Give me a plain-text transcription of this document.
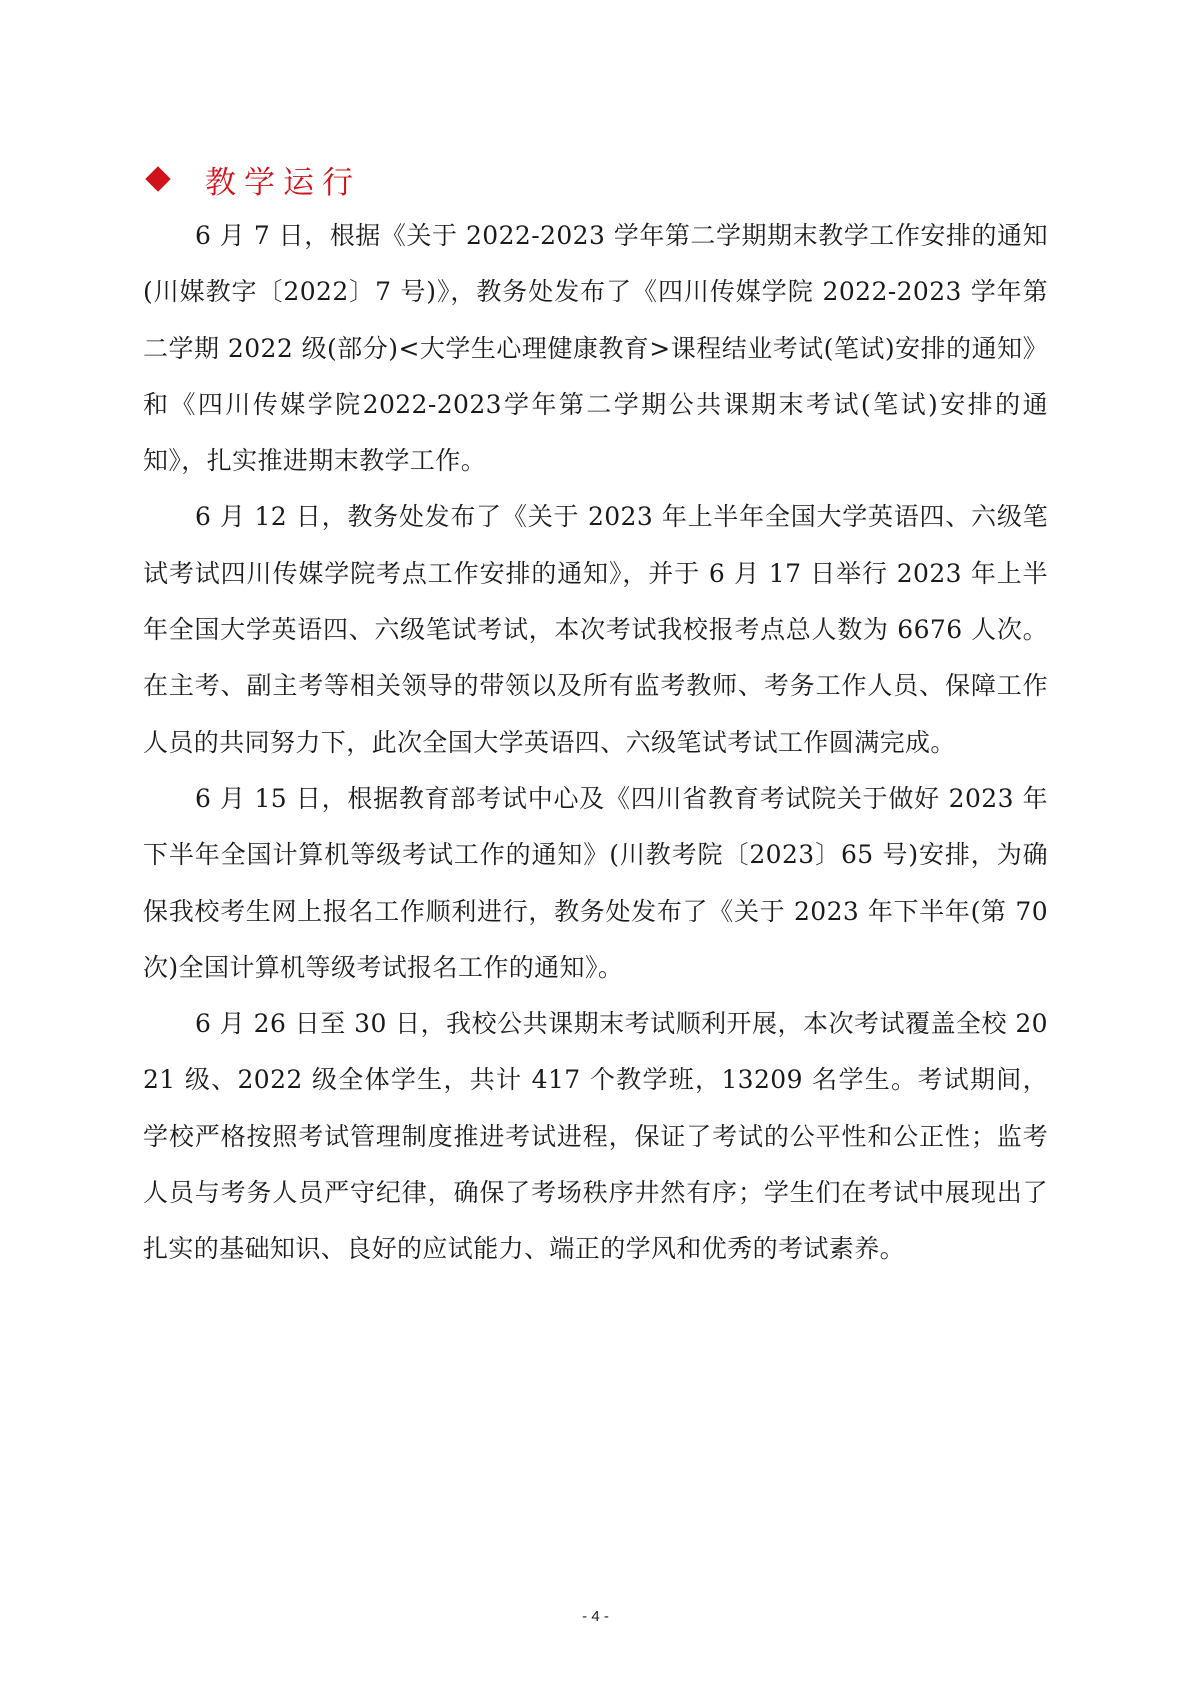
教学运行

6 月 7 日，根据《关于 2022-2023 学年第二学期期末教学工作安排的通知(川媒教字〔2022〕7 号)》，教务处发布了《四川传媒学院 2022-2023 学年第二学期 2022 级(部分)<大学生心理健康教育>课程结业考试(笔试)安排的通知》和《四川传媒学院2022-2023学年第二学期公共课期末考试(笔试)安排的通知》，扎实推进期末教学工作。

6 月 12 日，教务处发布了《关于 2023 年上半年全国大学英语四、六级笔试考试四川传媒学院考点工作安排的通知》，并于 6 月 17 日举行 2023 年上半年全国大学英语四、六级笔试考试，本次考试我校报考点总人数为 6676 人次。在主考、副主考等相关领导的带领以及所有监考教师、考务工作人员、保障工作人员的共同努力下，此次全国大学英语四、六级笔试考试工作圆满完成。

6 月 15 日，根据教育部考试中心及《四川省教育考试院关于做好 2023 年下半年全国计算机等级考试工作的通知》(川教考院〔2023〕65 号)安排，为确保我校考生网上报名工作顺利进行，教务处发布了《关于 2023 年下半年(第 70 次)全国计算机等级考试报名工作的通知》。

6 月 26 日至 30 日，我校公共课期末考试顺利开展，本次考试覆盖全校 2021 级、2022 级全体学生，共计 417 个教学班，13209 名学生。考试期间，学校严格按照考试管理制度推进考试进程，保证了考试的公平性和公正性；监考人员与考务人员严守纪律，确保了考场秩序井然有序；学生们在考试中展现出了扎实的基础知识、良好的应试能力、端正的学风和优秀的考试素养。

- 4 -
